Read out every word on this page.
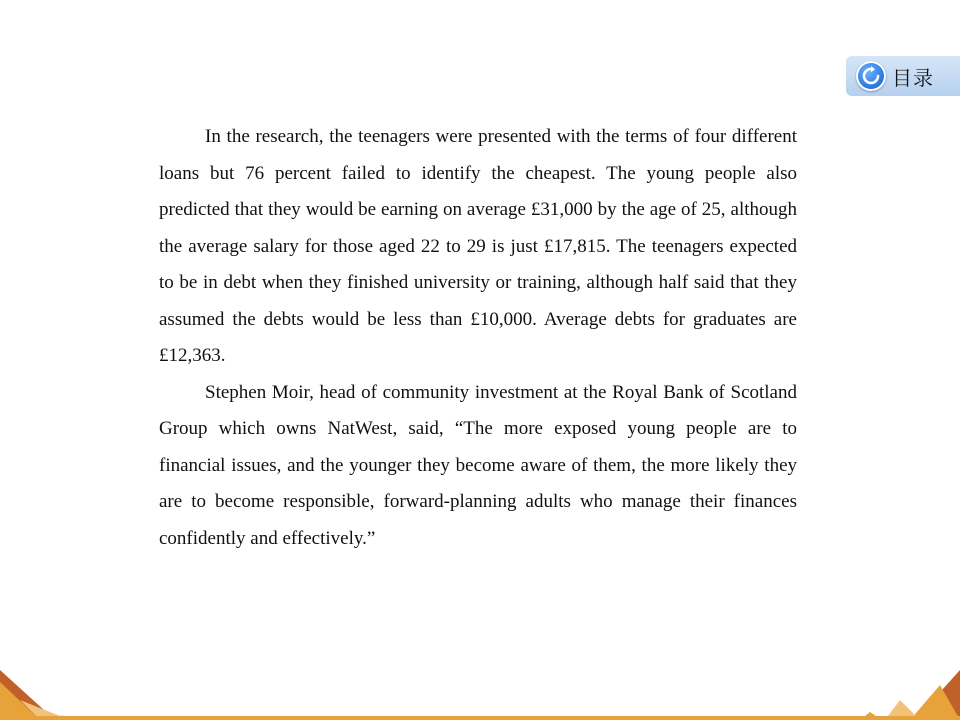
目录

In the research, the teenagers were presented with the terms of four different loans but 76 percent failed to identify the cheapest. The young people also predicted that they would be earning on average £31,000 by the age of 25, although the average salary for those aged 22 to 29 is just £17,815. The teenagers expected to be in debt when they finished university or training, although half said that they assumed the debts would be less than £10,000. Average debts for graduates are £12,363.

Stephen Moir, head of community investment at the Royal Bank of Scotland Group which owns NatWest, said, “The more exposed young people are to financial issues, and the younger they become aware of them, the more likely they are to become responsible, forward-planning adults who manage their finances confidently and effectively.”
